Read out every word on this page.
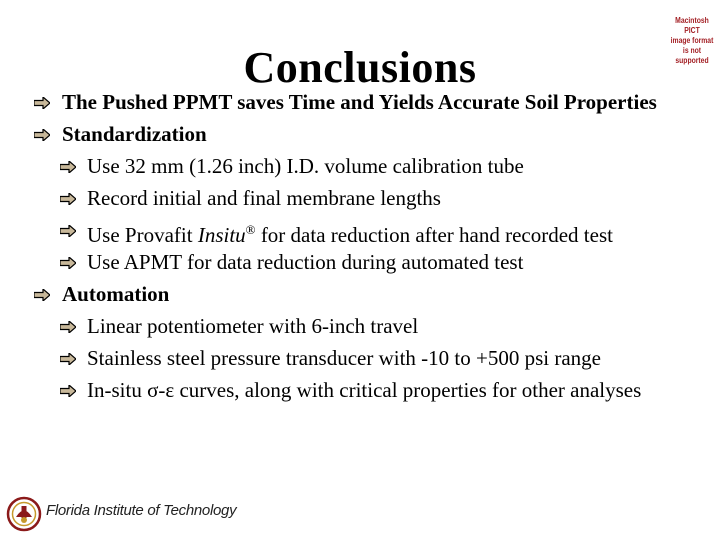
Conclusions
Macintosh PICT
image format
is not supported
The Pushed PPMT saves Time and Yields Accurate Soil Properties
Standardization
Use 32 mm (1.26 inch) I.D. volume calibration tube
Record initial and final membrane lengths
Use Provafit Insitu® for data reduction after hand recorded test
Use APMT for data reduction during automated test
Automation
Linear potentiometer with 6-inch travel
Stainless steel pressure transducer with -10 to +500 psi range
In-situ σ-ε curves, along with critical properties for other analyses
Florida Institute of Technology
